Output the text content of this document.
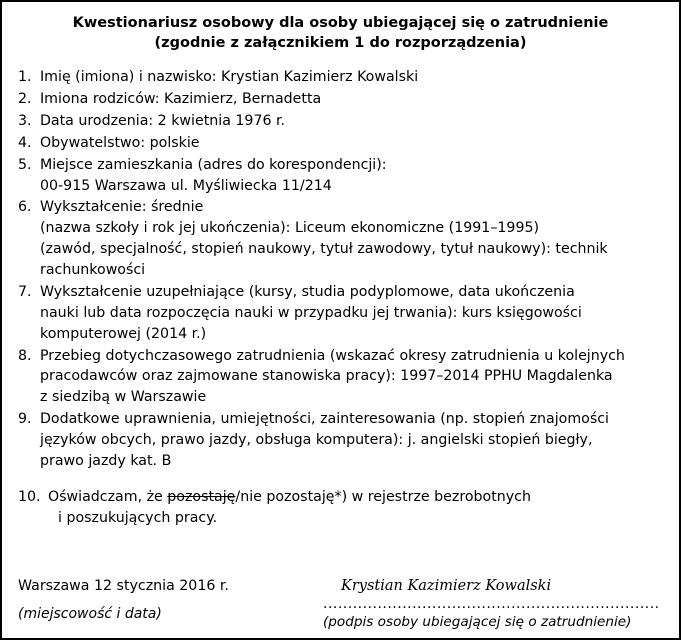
Kwestionariusz osobowy dla osoby ubiegającej się o zatrudnienie
(zgodnie z załącznikiem 1 do rozporządzenia)
1. Imię (imiona) i nazwisko: Krystian Kazimierz Kowalski
2. Imiona rodziców: Kazimierz, Bernadetta
3. Data urodzenia: 2 kwietnia 1976 r.
4. Obywatelstwo: polskie
5. Miejsce zamieszkania (adres do korespondencji):
00-915 Warszawa ul. Myśliwiecka 11/214
6. Wykształcenie: średnie
(nazwa szkoły i rok jej ukończenia): Liceum ekonomiczne (1991–1995)
(zawód, specjalność, stopień naukowy, tytuł zawodowy, tytuł naukowy): technik
rachunkowości
7. Wykształcenie uzupełniające (kursy, studia podyplomowe, data ukończenia
nauki lub data rozpoczęcia nauki w przypadku jej trwania): kurs księgowości
komputerowej (2014 r.)
8. Przebieg dotychczasowego zatrudnienia (wskazać okresy zatrudnienia u kolejnych
pracodawców oraz zajmowane stanowiska pracy): 1997–2014 PPHU Magdalenka
z siedzibą w Warszawie
9. Dodatkowe uprawnienia, umiejętności, zainteresowania (np. stopień znajomości
języków obcych, prawo jazdy, obsługa komputera): j. angielski stopień biegły,
prawo jazdy kat. B
10. Oświadczam, że pozostaję/nie pozostaję*) w rejestrze bezrobotnych
i poszukujących pracy.
Warszawa 12 stycznia 2016 r.
(miejscowość i data)
Krystian Kazimierz Kowalski
....................................................................
(podpis osoby ubiegającej się o zatrudnienie)
